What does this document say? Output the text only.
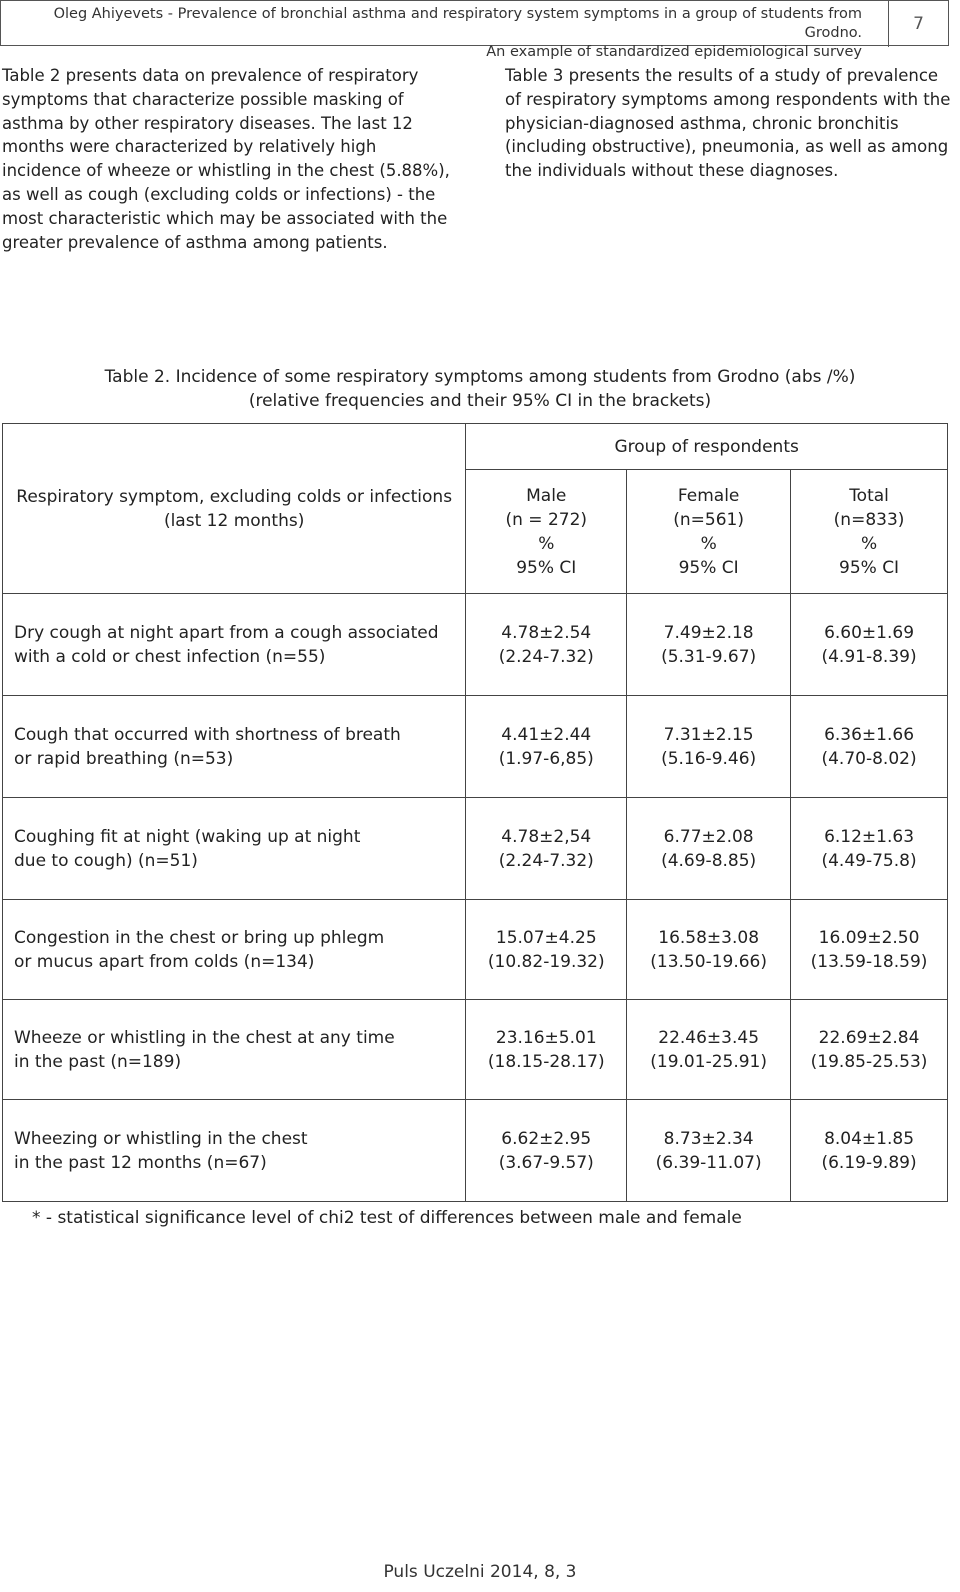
Oleg Ahiyevets - Prevalence of bronchial asthma and respiratory system symptoms in a group of students from Grodno.
An example of standardized epidemiological survey
7

Table 2 presents data on prevalence of respiratory symptoms that characterize possible masking of asthma by other respiratory diseases. The last 12 months were characterized by relatively high incidence of wheeze or whistling in the chest (5.88%), as well as cough (excluding colds or infections) - the most characteristic which may be associated with the greater prevalence of asthma among patients.

Table 3 presents the results of a study of prevalence of respiratory symptoms among respondents with the physician-diagnosed asthma, chronic bronchitis (including obstructive), pneumonia, as well as among the individuals without these diagnoses.

Table 2. Incidence of some respiratory symptoms among students from Grodno (abs /%)
(relative frequencies and their 95% CI in the brackets)
Respiratory symptom, excluding colds or infections
(last 12 months)	Group of respondents		

	Male
(n = 272)
%
95% CI	Female
(n=561)
%
95% CI	Total
(n=833)
%
95% CI

Dry cough at night apart from a cough associated
with a cold or chest infection (n=55)	4.78±2.54
(2.24-7.32)	7.49±2.18
(5.31-9.67)	6.60±1.69
(4.91-8.39)

Cough that occurred with shortness of breath
or rapid breathing (n=53)	4.41±2.44
(1.97-6,85)	7.31±2.15
(5.16-9.46)	6.36±1.66
(4.70-8.02)

Coughing fit at night (waking up at night
due to cough) (n=51)	4.78±2,54
(2.24-7.32)	6.77±2.08
(4.69-8.85)	6.12±1.63
(4.49-75.8)

Congestion in the chest or bring up phlegm
or mucus apart from colds (n=134)	15.07±4.25
(10.82-19.32)	16.58±3.08
(13.50-19.66)	16.09±2.50
(13.59-18.59)

Wheeze or whistling in the chest at any time
in the past (n=189)	23.16±5.01
(18.15-28.17)	22.46±3.45
(19.01-25.91)	22.69±2.84
(19.85-25.53)

Wheezing or whistling in the chest
in the past 12 months (n=67)	6.62±2.95
(3.67-9.57)	8.73±2.34
(6.39-11.07)	8.04±1.85
(6.19-9.89)
* - statistical significance level of chi2 test of differences between male and female
Puls Uczelni 2014, 8, 3
